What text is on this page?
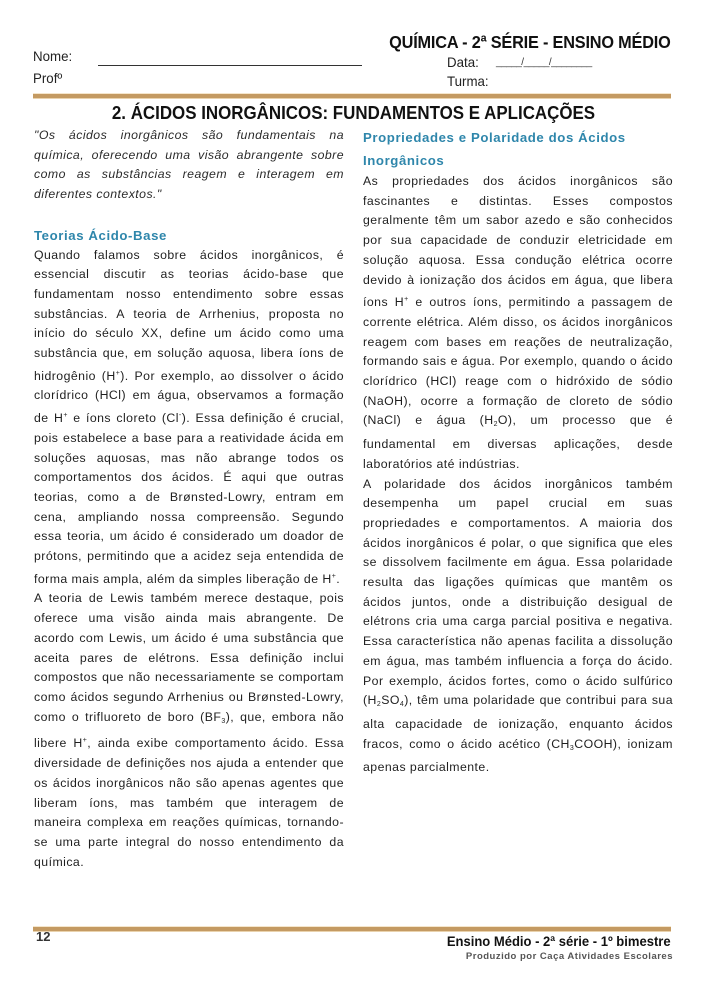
QUÍMICA - 2ª SÉRIE - ENSINO MÉDIO
Nome:
Profº
Data: _____/_____/________
Turma:
2. ÁCIDOS INORGÂNICOS: FUNDAMENTOS E APLICAÇÕES

"Os ácidos inorgânicos são fundamentais na química, oferecendo uma visão abrangente sobre como as substâncias reagem e interagem em diferentes contextos."

Teorias Ácido-Base

Quando falamos sobre ácidos inorgânicos, é essencial discutir as teorias ácido-base que fundamentam nosso entendimento sobre essas substâncias. A teoria de Arrhenius, proposta no início do século XX, define um ácido como uma substância que, em solução aquosa, libera íons de hidrogênio (H+). Por exemplo, ao dissolver o ácido clorídrico (HCl) em água, observamos a formação de H+ e íons cloreto (Cl-). Essa definição é crucial, pois estabelece a base para a reatividade ácida em soluções aquosas, mas não abrange todos os comportamentos dos ácidos. É aqui que outras teorias, como a de Brønsted-Lowry, entram em cena, ampliando nossa compreensão. Segundo essa teoria, um ácido é considerado um doador de prótons, permitindo que a acidez seja entendida de forma mais ampla, além da simples liberação de H+.

A teoria de Lewis também merece destaque, pois oferece uma visão ainda mais abrangente. De acordo com Lewis, um ácido é uma substância que aceita pares de elétrons. Essa definição inclui compostos que não necessariamente se comportam como ácidos segundo Arrhenius ou Brønsted-Lowry, como o trifluoreto de boro $(BF_3)$, que, embora não libere H+, ainda exibe comportamento ácido. Essa diversidade de definições nos ajuda a entender que os ácidos inorgânicos não são apenas agentes que liberam íons, mas também que interagem de maneira complexa em reações químicas, tornando-se uma parte integral do nosso entendimento da química.

Propriedades e Polaridade dos Ácidos
Inorgânicos

As propriedades dos ácidos inorgânicos são fascinantes e distintas. Esses compostos geralmente têm um sabor azedo e são conhecidos por sua capacidade de conduzir eletricidade em solução aquosa. Essa condução elétrica ocorre devido à ionização dos ácidos em água, que libera íons H+ e outros íons, permitindo a passagem de corrente elétrica. Além disso, os ácidos inorgânicos reagem com bases em reações de neutralização, formando sais e água. Por exemplo, quando o ácido clorídrico (HCl) reage com o hidróxido de sódio (NaOH), ocorre a formação de cloreto de sódio (NaCl) e água $(H_2O)$, um processo que é fundamental em diversas aplicações, desde laboratórios até indústrias.

A polaridade dos ácidos inorgânicos também desempenha um papel crucial em suas propriedades e comportamentos. A maioria dos ácidos inorgânicos é polar, o que significa que eles se dissolvem facilmente em água. Essa polaridade resulta das ligações químicas que mantêm os ácidos juntos, onde a distribuição desigual de elétrons cria uma carga parcial positiva e negativa. Essa característica não apenas facilita a dissolução em água, mas também influencia a força do ácido. Por exemplo, ácidos fortes, como o ácido sulfúrico $(H_2SO_4)$, têm uma polaridade que contribui para sua alta capacidade de ionização, enquanto ácidos fracos, como o ácido acético $(CH_3COOH)$, ionizam apenas parcialmente.

12	Ensino Médio - 2ª série - 1º bimestre
Produzido por Caça Atividades Escolares
